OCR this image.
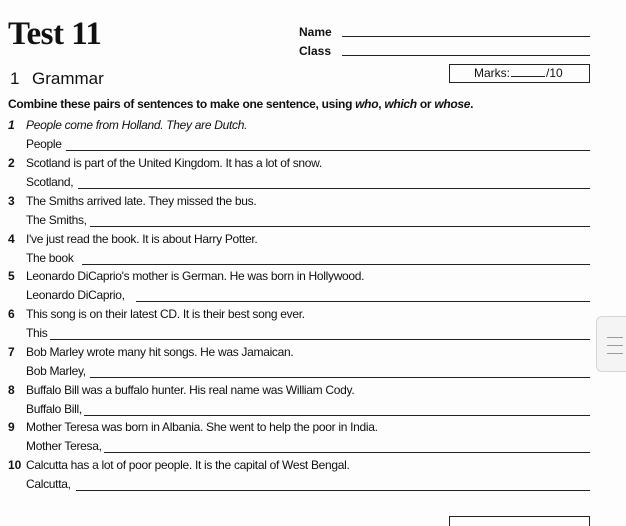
Test 11	Name
Class
1 Grammar	Marks:	/10
Combine these pairs of sentences to make one sentence, using who, which or whose.
1 People come from Holland. They are Dutch.
People
2 Scotland is part of the United Kingdom. It has a lot of snow.
Scotland,
3 The Smiths arrived late. They missed the bus.
The Smiths,
4 I've just read the book. It is about Harry Potter.
The book
5 Leonardo DiCaprio's mother is German. He was born in Hollywood.
Leonardo DiCaprio,
6 This song is on their latest CD. It is their best song ever.
This
7 Bob Marley wrote many hit songs. He was Jamaican.
Bob Marley,
8 Buffalo Bill was a buffalo hunter. His real name was William Cody.
Buffalo Bill,
9 Mother Teresa was born in Albania. She went to help the poor in India.
Mother Teresa,
10 Calcutta has a lot of poor people. It is the capital of West Bengal.
Calcutta,
